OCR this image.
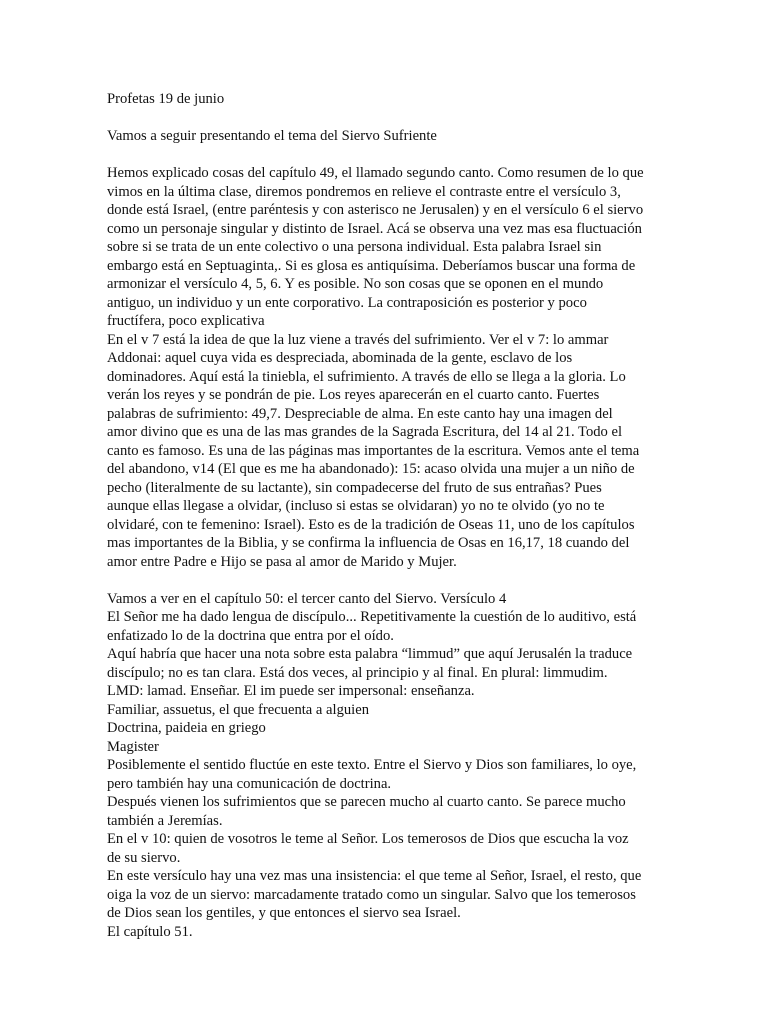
Profetas 19 de junio

Vamos a seguir presentando el tema del Siervo Sufriente

Hemos explicado cosas del capítulo 49, el llamado segundo canto. Como resumen de lo que
vimos en la última clase, diremos pondremos en relieve el contraste entre el versículo 3,
donde está Israel, (entre paréntesis y con asterisco ne Jerusalen) y en el versículo 6 el siervo
como un personaje singular y distinto de Israel. Acá se observa una vez mas esa fluctuación
sobre si se trata de un ente colectivo o una persona individual. Esta palabra Israel sin
embargo está en Septuaginta,. Si es glosa es antiquísima. Deberíamos buscar una forma de
armonizar el versículo 4, 5, 6. Y es posible. No son cosas que se oponen en el mundo
antiguo, un individuo y un ente corporativo. La contraposición es posterior y poco
fructífera, poco explicativa
En el v 7 está la idea de que la luz viene a través del sufrimiento. Ver el v 7: lo ammar
Addonai: aquel cuya vida es despreciada, abominada de la gente, esclavo de los
dominadores. Aquí está la tiniebla, el sufrimiento. A través de ello se llega a la gloria. Lo
verán los reyes y se pondrán de pie. Los reyes aparecerán en el cuarto canto. Fuertes
palabras de sufrimiento: 49,7. Despreciable de alma. En este canto hay una imagen del
amor divino que es una de las mas grandes de la Sagrada Escritura, del 14 al 21. Todo el
canto es famoso. Es una de las páginas mas importantes de la escritura. Vemos ante el tema
del abandono, v14 (El que es me ha abandonado): 15: acaso olvida una mujer a un niño de
pecho (literalmente de su lactante), sin compadecerse del fruto de sus entrañas? Pues
aunque ellas llegase a olvidar, (incluso si estas se olvidaran) yo no te olvido (yo no te
olvidaré, con te femenino: Israel). Esto es de la tradición de Oseas 11, uno de los capítulos
mas importantes de la Biblia, y se confirma la influencia de Osas en 16,17, 18 cuando del
amor entre Padre e Hijo se pasa al amor de Marido y Mujer.
Vamos a ver en el capítulo 50: el tercer canto del Siervo. Versículo 4
El Señor me ha dado lengua de discípulo... Repetitivamente la cuestión de lo auditivo, está
enfatizado lo de la doctrina que entra por el oído.
Aquí habría que hacer una nota sobre esta palabra “limmud” que aquí Jerusalén la traduce
discípulo; no es tan clara. Está dos veces, al principio y al final. En plural: limmudim.
LMD: lamad. Enseñar. El im puede ser impersonal: enseñanza.
Familiar, assuetus, el que frecuenta a alguien
Doctrina, paideia en griego
Magister
Posiblemente el sentido fluctúe en este texto. Entre el Siervo y Dios son familiares, lo oye,
pero también hay una comunicación de doctrina.
Después vienen los sufrimientos que se parecen mucho al cuarto canto. Se parece mucho
también a Jeremías.
En el v 10: quien de vosotros le teme al Señor. Los temerosos de Dios que escucha la voz
de su siervo.
En este versículo hay una vez mas una insistencia: el que teme al Señor, Israel, el resto, que
oiga la voz de un siervo: marcadamente tratado como un singular. Salvo que los temerosos
de Dios sean los gentiles, y que entonces el siervo sea Israel.
El capítulo 51.
